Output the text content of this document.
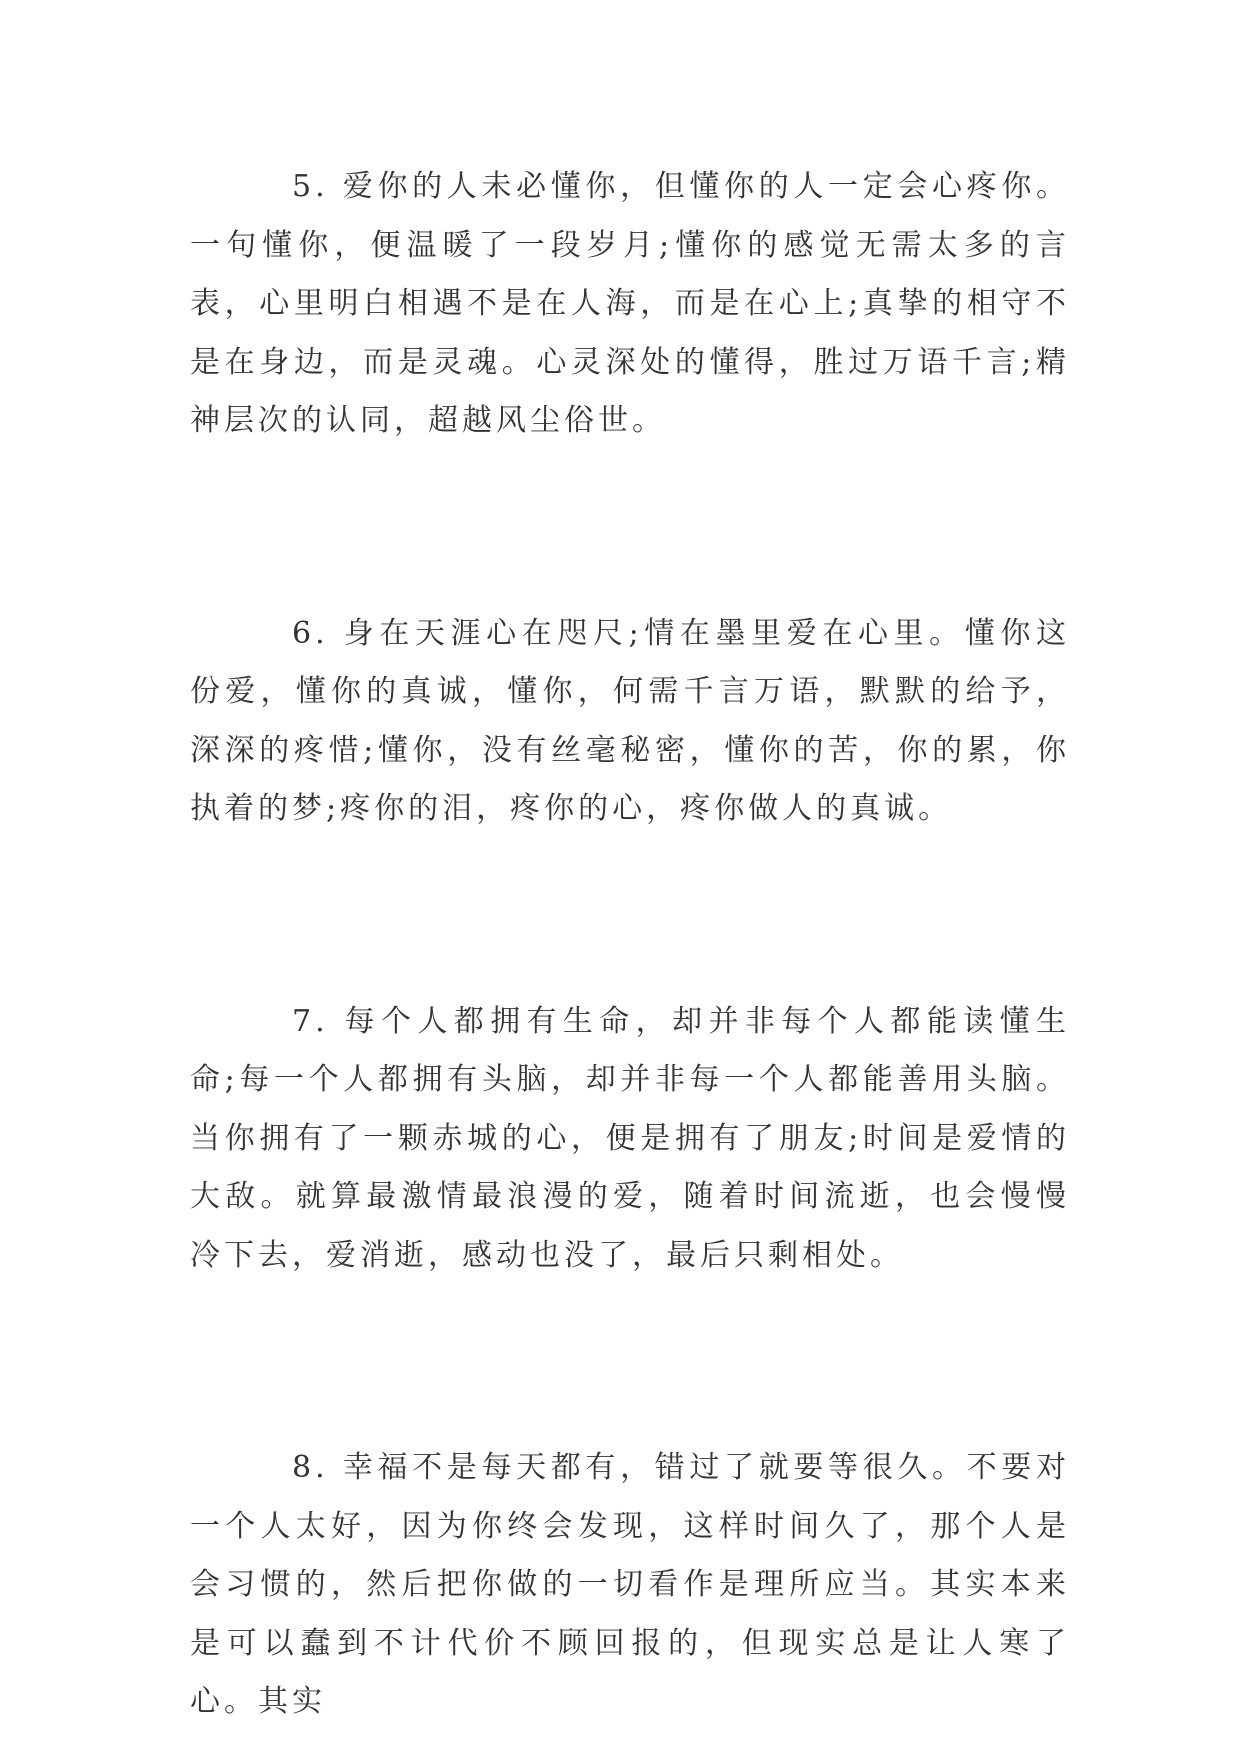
5. 爱你的人未必懂你，但懂你的人一定会心疼你。一句懂你，便温暖了一段岁月;懂你的感觉无需太多的言表，心里明白相遇不是在人海，而是在心上;真挚的相守不是在身边，而是灵魂。心灵深处的懂得，胜过万语千言;精神层次的认同，超越风尘俗世。

6. 身在天涯心在咫尺;情在墨里爱在心里。懂你这份爱，懂你的真诚，懂你，何需千言万语，默默的给予，深深的疼惜;懂你，没有丝毫秘密，懂你的苦，你的累，你执着的梦;疼你的泪，疼你的心，疼你做人的真诚。

7. 每个人都拥有生命，却并非每个人都能读懂生命;每一个人都拥有头脑，却并非每一个人都能善用头脑。当你拥有了一颗赤城的心，便是拥有了朋友;时间是爱情的大敌。就算最激情最浪漫的爱，随着时间流逝，也会慢慢冷下去，爱消逝，感动也没了，最后只剩相处。

8. 幸福不是每天都有，错过了就要等很久。不要对一个人太好，因为你终会发现，这样时间久了，那个人是会习惯的，然后把你做的一切看作是理所应当。其实本来是可以蠢到不计代价不顾回报的，但现实总是让人寒了心。其实
